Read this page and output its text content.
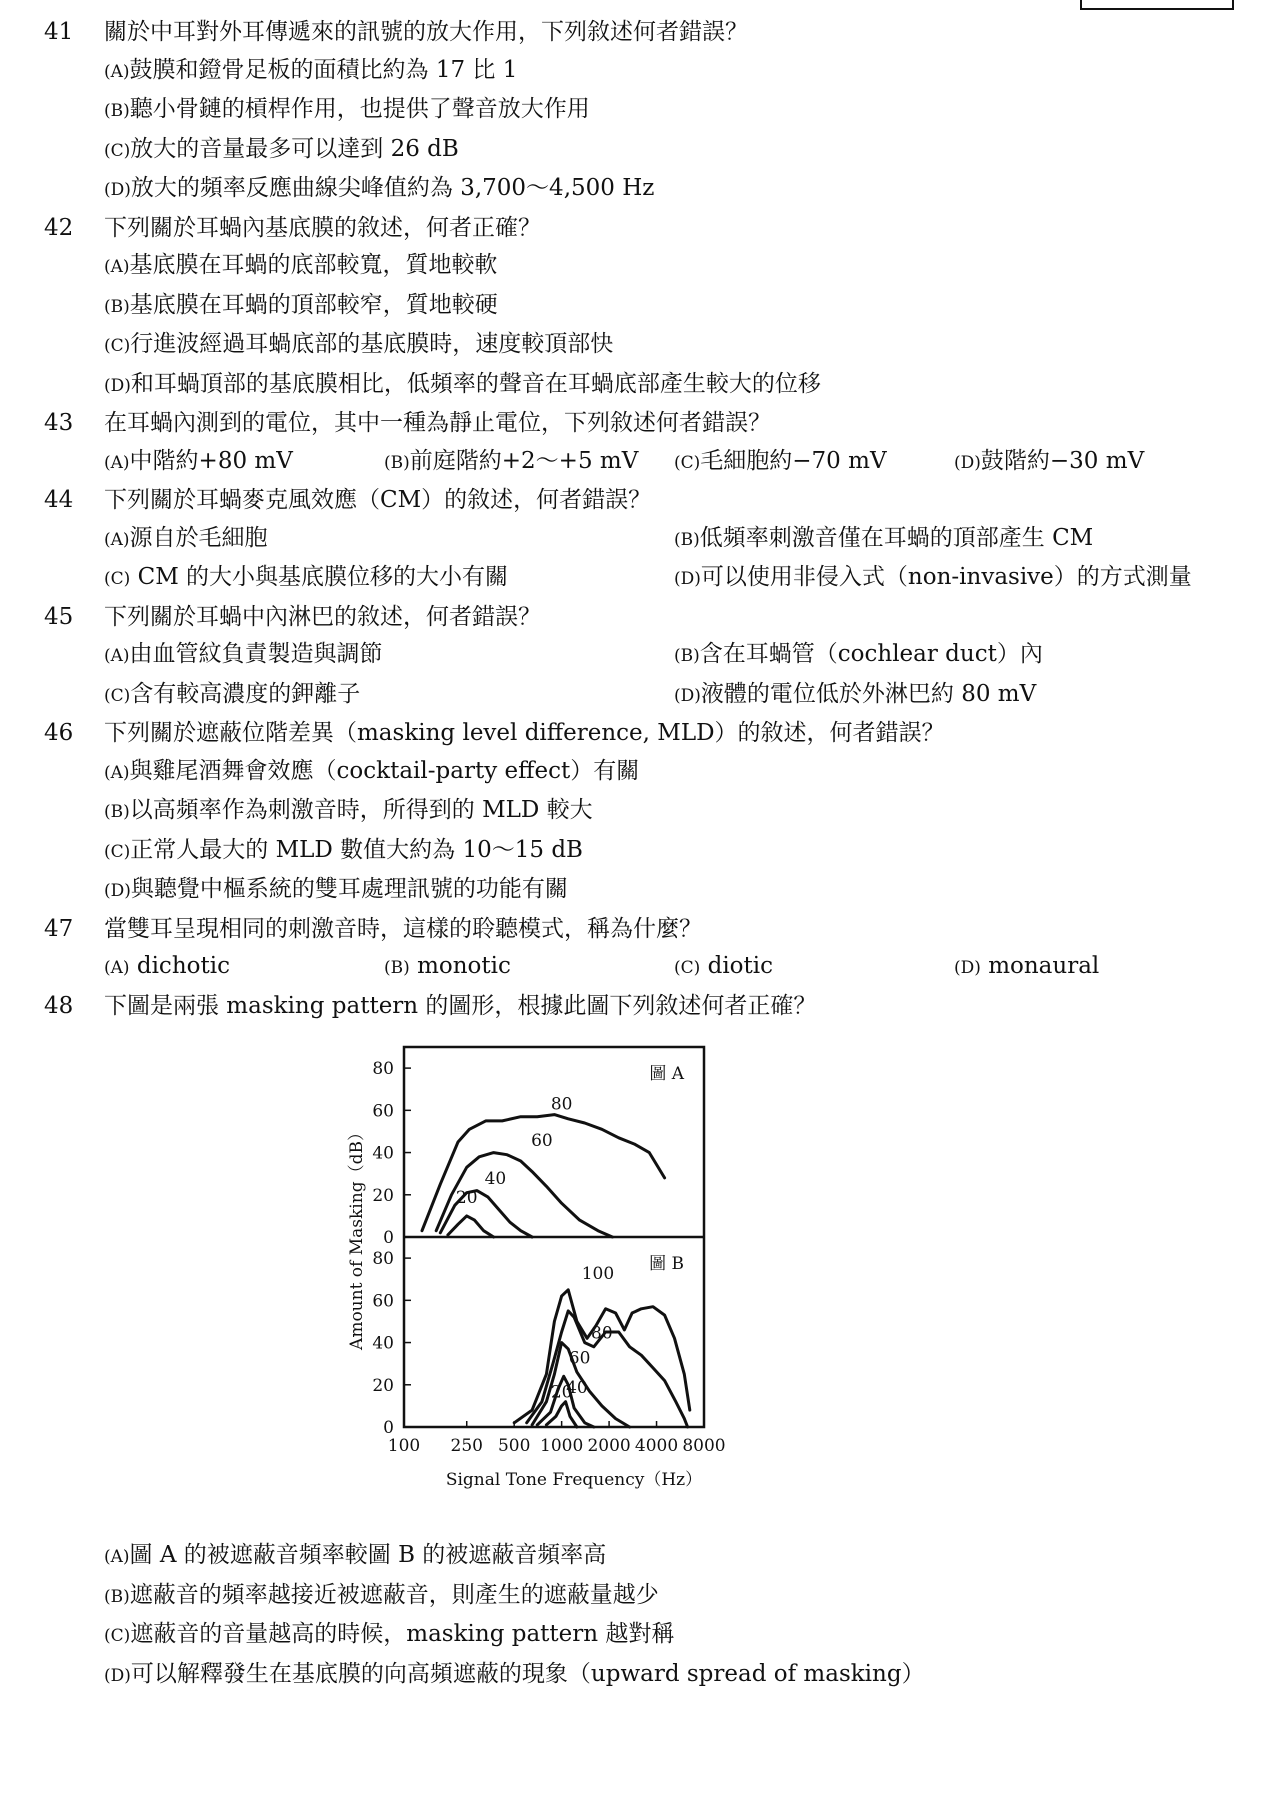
41	關於中耳對外耳傳遞來的訊號的放大作用，下列敘述何者錯誤？
(A)鼓膜和鐙骨足板的面積比約為 17 比 1
(B)聽小骨鏈的槓桿作用，也提供了聲音放大作用
(C)放大的音量最多可以達到 26 dB
(D)放大的頻率反應曲線尖峰值約為 3,700～4,500 Hz
42	下列關於耳蝸內基底膜的敘述，何者正確？
(A)基底膜在耳蝸的底部較寬，質地較軟
(B)基底膜在耳蝸的頂部較窄，質地較硬
(C)行進波經過耳蝸底部的基底膜時，速度較頂部快
(D)和耳蝸頂部的基底膜相比，低頻率的聲音在耳蝸底部產生較大的位移
43	在耳蝸內測到的電位，其中一種為靜止電位，下列敘述何者錯誤？
(A)中階約+80 mV	(B)前庭階約+2～+5 mV	(C)毛細胞約−70 mV	(D)鼓階約−30 mV
44	下列關於耳蝸麥克風效應（CM）的敘述，何者錯誤？
(A)源自於毛細胞	(B)低頻率刺激音僅在耳蝸的頂部產生 CM
(C) CM 的大小與基底膜位移的大小有關	(D)可以使用非侵入式（non-invasive）的方式測量
45	下列關於耳蝸中內淋巴的敘述，何者錯誤？
(A)由血管紋負責製造與調節	(B)含在耳蝸管（cochlear duct）內
(C)含有較高濃度的鉀離子	(D)液體的電位低於外淋巴約 80 mV
46	下列關於遮蔽位階差異（masking level difference, MLD）的敘述，何者錯誤？
(A)與雞尾酒舞會效應（cocktail-party effect）有關
(B)以高頻率作為刺激音時，所得到的 MLD 較大
(C)正常人最大的 MLD 數值大約為 10～15 dB
(D)與聽覺中樞系統的雙耳處理訊號的功能有關
47	當雙耳呈現相同的刺激音時，這樣的聆聽模式，稱為什麼？
(A) dichotic	(B) monotic	(C) diotic	(D) monaural
48	下圖是兩張 masking pattern 的圖形，根據此圖下列敘述何者正確？
0
20
40
60
80	圖 A
80
60
40
20
0
20
40
60
80	圖 B
100
80
60
40
20
100 250 500 1000 2000 4000 8000
Signal Tone Frequency（Hz）
Amount of Masking（dB）
(A)圖 A 的被遮蔽音頻率較圖 B 的被遮蔽音頻率高
(B)遮蔽音的頻率越接近被遮蔽音，則產生的遮蔽量越少
(C)遮蔽音的音量越高的時候，masking pattern 越對稱
(D)可以解釋發生在基底膜的向高頻遮蔽的現象（upward spread of masking）
